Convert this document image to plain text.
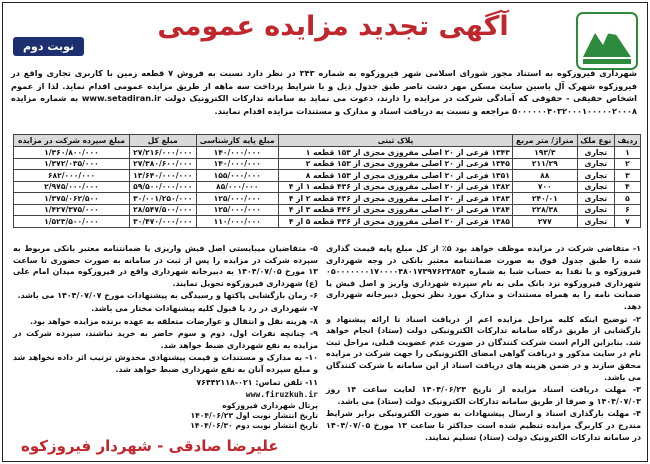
آگهی تجدید مزایده عمومی
نوبت دوم
شهرداری فیروزکوه به استناد مجوز شورای اسلامی شهر فیروزکوه به شماره ۳۴۳ در نظر دارد نسبت به فروش ۷ قطعه زمین با کاربری تجاری واقع در فیروزکوه شهرک آل یاسین سایت مسکن مهر دشت ناصر طبق جدول ذیل و با شرایط پرداخت سه ماهه از طریق مزایده عمومی اقدام نماید. لذا از عموم اشخاص حقیقی - حقوقی که آمادگی شرکت در مزایده را دارند، دعوت می نماید به سامانه تدارکات الکترونیک دولت www.setadiran.ir به شماره مزایده ۵۰۰۰۰۰۰۴۰۳۲۰۰۰۱۰۰۰۰۰۲۰۰۰۸ مراجعه و نسبت به دریافت اسناد و مدارک و مستندات مزایده اقدام نمایند.
ردیف	نوع ملک	متراژ/ متر مربع	پلاک ثبتی	مبلغ پایه کارشناسی	مبلغ کل	مبلغ سپرده شرکت در مزایده
۱	تجاری	۱۹۳/۳	۱۳۴۳ فرعی از ۲۰ اصلی مفروزی مجزی از ۱۵۳ قطعه ۱	۱۴۰/۰۰۰/۰۰۰	۲۷/۲۱۶/۰۰۰/۰۰۰	۱/۳۶۰/۸۰۰/۰۰۰
۲	تجاری	۲۱۱/۲۹	۱۳۴۵ فرعی از ۲۰ اصلی مفروزی مجزی از ۱۵۳ قطعه ۲	۱۴۰/۰۰۰/۰۰۰	۲۷/۳۸۰/۶۰۰/۰۰۰	۱/۳۷۲/۰۳۵/۰۰۰
۳	تجاری	۸۸	۱۳۵۱ فرعی از ۲۰ اصلی مفروزی مجزی از ۱۵۳ قطعه ۸	۱۵۵/۰۰۰/۰۰۰	۱۳/۶۴۰/۰۰۰/۰۰۰	۶۸۲/۰۰۰/۰۰۰
۴	تجاری	۷۰۰	۱۳۸۲ فرعی از ۲۰ اصلی مفروزی مجزی از ۴۳۶ قطعه ۱ از ۴	۸۵/۰۰۰/۰۰۰	۵۹/۵۰۰/۰۰۰/۰۰۰	۲/۹۷۵/۰۰۰/۰۰۰
۵	تجاری	۲۴۰/۰۱	۱۳۸۳ فرعی از ۲۰ اصلی مفروزی مجزی از ۴۳۶ قطعه ۲ از ۴	۱۲۵/۰۰۰/۰۰۰	۳۰/۰۰۱/۲۵۰/۰۰۰	۱/۳۷۵/۰۶۲/۵۰۰
۶	تجاری	۲۲۸/۳۸	۱۳۸۴ فرعی از ۲۰ اصلی مفروزی مجزی از ۴۳۶ قطعه ۳ از ۴	۱۲۵/۰۰۰/۰۰۰	۲۸/۵۴۷/۵۰۰/۰۰۰	۱/۴۲۷/۳۷۵/۰۰۰
۷	تجاری	۲۷۷	۱۳۸۵ فرعی از ۲۰ اصلی مفروزی مجزی از ۴۳۶ قطعه ۵ از ۴	۱۱۰/۰۰۰/۰۰۰	۳۰/۴۷۰/۰۰۰/۰۰۰	۱/۵۲۳/۵۰۰/۰۰۰

۱- متقاضی شرکت در مزایده موظف خواهد بود ۵٪ از کل مبلغ پایه قیمت گذاری شده را طبق جدول فوق به صورت ضمانتنامه معتبر بانکی در وجه شهرداری فیروزکوه و یا نقدا به حساب شبا به شماره ۰۵۰۰۰۰۰۰۰۱۷۰۰۰۰۴۸۰۱۷۳۹۷۶۲۳۸۵۴ شهرداری فیروزکوه نزد بانک ملی به نام سپرده شهرداری واریز و اصل فیش یا ضمانت نامه را به همراه مستندات و مدارک مورد نظر تحویل دبیرخانه شهرداری دهد.

۲- توضیح اینکه کلیه مراحل مزایده اعم از دریافت اسناد تا ارائه پیشنهاد و بازگشایی از طریق درگاه سامانه تدارکات الکترونیکی دولت (ستاد) انجام خواهد شد. بنابراین الزام است شرکت کنندگان در صورت عدم عضویت قبلی، مراحل ثبت نام در سایت مذکور و دریافت گواهی امضای الکترونیکی را جهت شرکت در مزایده محقق سازند و در ضمن هزینه های دریافت اسناد از این سامانه با شرکت کنندگان می باشد.

۳- مهلت دریافت اسناد مزایده از تاریخ ۱۴۰۴/۰۶/۲۳ لغایت ساعت ۱۴ روز ۱۴۰۴/۰۷/۰۳ و صرفا از طریق سامانه تدارکات الکترونیک دولت (ستاد) می باشد.

۴- مهلت بارگذاری اسناد و ارسال پیشنهادات به صورت الکترونیکی برابر شرایط مندرج در کاربرگ مزایده تنظیم شده است حداکثر تا ساعت ۱۳ مورخ ۱۴۰۴/۰۷/۰۵ در سامانه تدارکات الکترونیک دولت (ستاد) تسلیم نمایند.

۵- متقاضیان میبایستی اصل فیش واریزی یا ضمانتنامه معتبر بانکی مربوط به سپرده شرکت در مزایده را پس از ثبت در سامانه به صورت حضوری تا ساعت ۱۳ مورخ ۱۴۰۴/۰۷/۰۵ به دبیرخانه شهرداری واقع در فیروزکوه میدان امام علی (ع) شهرداری فیروزکوه تحویل نمایند.

۶- زمان بازگشایی پاکتها و رسیدگی به پیشنهادات مورخ ۱۴۰۴/۰۷/۰۷ می باشد.

۷- شهرداری در رد یا قبول کلیه پیشنهادات مختار می باشد.

۸- هزینه نقل و انتقال و عوارضات متعلقه به عهده برنده مزایده خواهد بود.

۹- چنانچه نفرات اول، دوم و سوم حاضر به خرید نباشند، سپرده شرکت در مزایده به نفع شهرداری ضبط خواهد شد.

۱۰- به مدارک و مستندات و قیمت پیشنهادی مخدوش ترتیب اثر داده نخواهد شد و مبلغ سپرده آنان به نفع شهرداری ضبط خواهد شد.

۱۱- تلفن تماس: ۰۲۱-۷۶۴۴۲۱۱۸

www.firuzkuh.ir
پرتال شهرداری فیروزکوه
تاریخ انتشار نوبت اول ۱۴۰۴/۰۶/۲۳
تاریخ انتشار نوبت دوم ۱۴۰۴/۰۶/۳۰
علیرضا صادقی - شهردار فیروزکوه
